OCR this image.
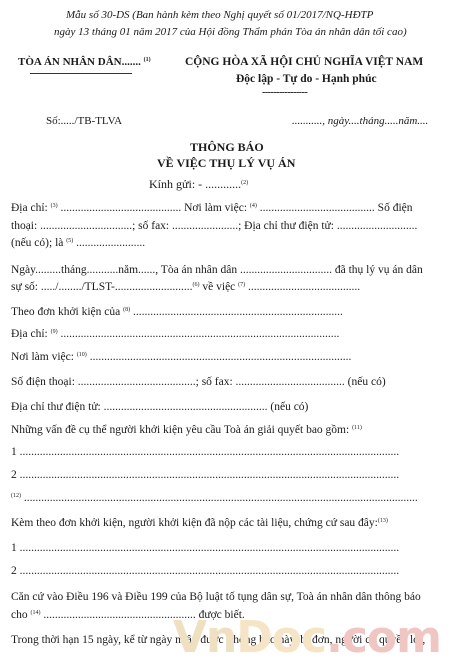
Mẫu số 30-DS (Ban hành kèm theo Nghị quyết số 01/2017/NQ-HĐTP
ngày 13 tháng 01 năm 2017 của Hội đồng Thẩm phán Tòa án nhân dân tối cao)
TÒA ÁN NHÂN DÂN....... $^{(1)}$	CỘNG HÒA XÃ HỘI CHỦ NGHĨA VIỆT NAM
Độc lập - Tự do - Hạnh phúc
----------------
Số:...../TB-TLVA	..........., ngày....tháng.....năm....
THÔNG BÁO
VỀ VIỆC THỤ LÝ VỤ ÁN
Kính gửi: - ............$^{(2)}$
Địa chỉ: $^{(3)}$ .......................................... Nơi làm việc: $^{(4)}$ ........................................ Số điện
thoại: ................................; số fax: .......................; Địa chỉ thư điện tử: ............................
(nếu có); là $^{(5)}$ ........................
Ngày.........tháng...........năm......, Tòa án nhân dân ................................ đã thụ lý vụ án dân
sự số: ...../......../TLST-...........................$^{(6)}$ về việc $^{(7)}$ .......................................
Theo đơn khởi kiện của $^{(8)}$ .........................................................................
Địa chỉ: $^{(9)}$ .................................................................................................
Nơi làm việc: $^{(10)}$ ...........................................................................................
Số điện thoại: .........................................; số fax: ...................................... (nếu có)
Địa chỉ thư điện tử: ......................................................... (nếu có)
Những vấn đề cụ thể người khởi kiện yêu cầu Toà án giải quyết bao gồm: $^{(11)}$
1 ....................................................................................................................................
2 ....................................................................................................................................
$^{(12)}$ .........................................................................................................................................
Kèm theo đơn khởi kiện, người khởi kiện đã nộp các tài liệu, chứng cứ sau đây:$^{(13)}$
1 ....................................................................................................................................
2 ....................................................................................................................................
Căn cứ vào Điều 196 và Điều 199 của Bộ luật tố tụng dân sự, Toà án nhân dân thông báo
cho $^{(14)}$ ..................................................... được biết.
Trong thời hạn 15 ngày, kể từ ngày nhận được Thông báo này, bị đơn, người có quyền lợi,
VnDoc.com
